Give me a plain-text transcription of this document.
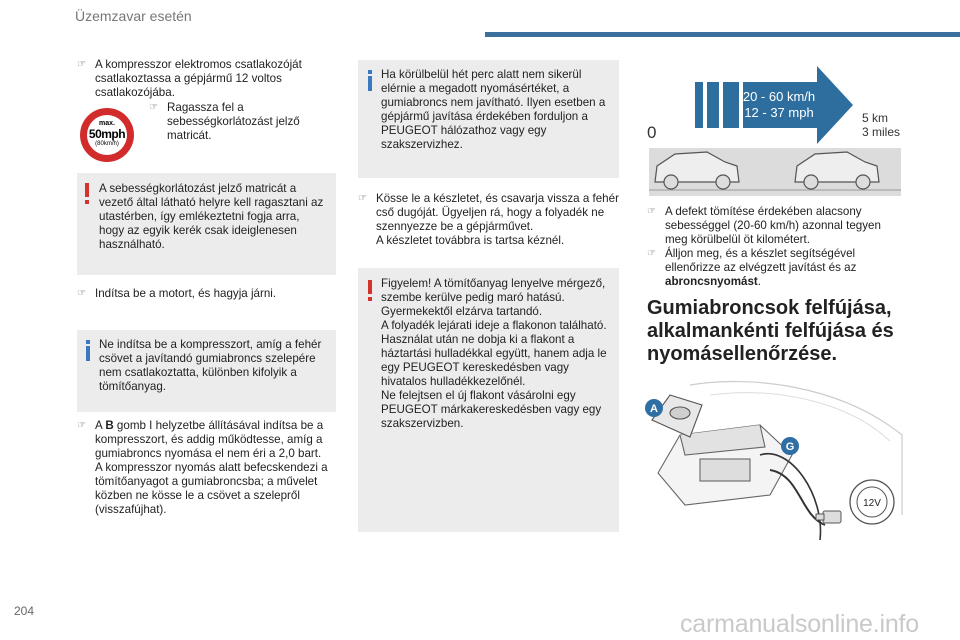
Üzemzavar esetén

☞ A kompresszor elektromos csatlakozóját csatlakoztassa a gépjármű 12 voltos csatlakozójába.

max.
50mph
(80km/h)

☞ Ragassza fel a sebességkorlátozást jelző matricát.

A sebességkorlátozást jelző matricát a vezető által látható helyre kell ragasztani az utastérben, így emlékeztetni fogja arra, hogy az egyik kerék csak ideiglenesen használható.

☞ Indítsa be a motort, és hagyja járni.

Ne indítsa be a kompresszort, amíg a fehér csövet a javítandó gumiabroncs szelepére nem csatlakoztatta, különben kifolyik a tömítőanyag.

☞ A B gomb I helyzetbe állításával indítsa be a kompresszort, és addig működtesse, amíg a gumiabroncs nyomása el nem éri a 2,0 bart.
A kompresszor nyomás alatt befecskendezi a tömítőanyagot a gumiabroncsba; a művelet közben ne kösse le a csövet a szelepről (visszafújhat).

Ha körülbelül hét perc alatt nem sikerül elérnie a megadott nyomásértéket, a gumiabroncs nem javítható. Ilyen esetben a gépjármű javítása érdekében forduljon a PEUGEOT hálózathoz vagy egy szakszervizhez.

☞ Kösse le a készletet, és csavarja vissza a fehér cső dugóját. Ügyeljen rá, hogy a folyadék ne szennyezze be a gépjárművet.
A készletet továbbra is tartsa kéznél.

Figyelem! A tömítőanyag lenyelve mérgező, szembe kerülve pedig maró hatású.
Gyermekektől elzárva tartandó.
A folyadék lejárati ideje a flakonon található.
Használat után ne dobja ki a flakont a háztartási hulladékkal együtt, hanem adja le egy PEUGEOT kereskedésben vagy hivatalos hulladékkezelőnél.
Ne felejtsen el új flakont vásárolni egy PEUGEOT márkakereskedésben vagy egy szakszervizben.
20 - 60 km/h
12 - 37 mph
0
5 km
3 miles

☞ A defekt tömítése érdekében alacsony sebességgel (20-60 km/h) azonnal tegyen meg körülbelül öt kilométert.

☞ Álljon meg, és a készlet segítségével ellenőrizze az elvégzett javítást és az abroncsnyomást.

Gumiabroncsok felfújása, alkalmankénti felfújása és nyomásellenőrzése.
A
G
12V
204	carmanualsonline.info
